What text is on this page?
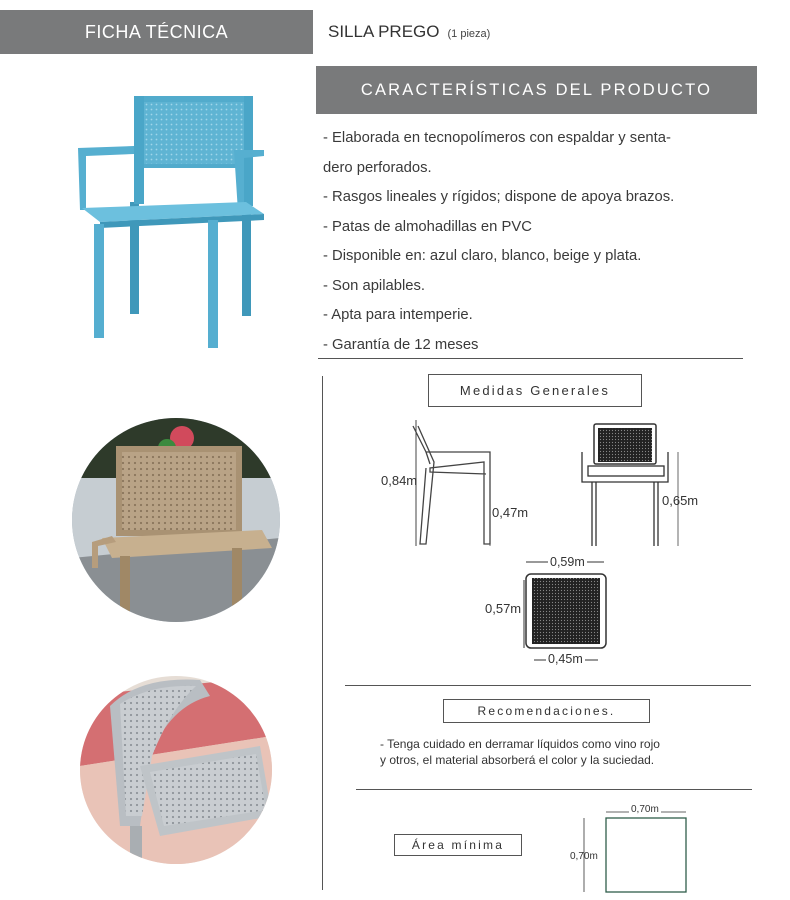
FICHA TÉCNICA	SILLA PREGO (1 pieza)
CARACTERÍSTICAS DEL PRODUCTO
- Elaborada en tecnopolímeros con espaldar y senta-
dero perforados.
- Rasgos lineales y rígidos; dispone de apoya brazos.
- Patas de almohadillas en PVC
- Disponible en: azul claro, blanco, beige y plata.
- Son apilables.
- Apta para intemperie.
- Garantía de 12 meses
Medidas Generales
0,84m
0,47m
0,65m
0,59m
0,57m
0,45m
Recomendaciones.
- Tenga cuidado en derramar líquidos como vino rojo
y otros, el material absorberá el color y la suciedad.
Área mínima
0,70m
0,70m
